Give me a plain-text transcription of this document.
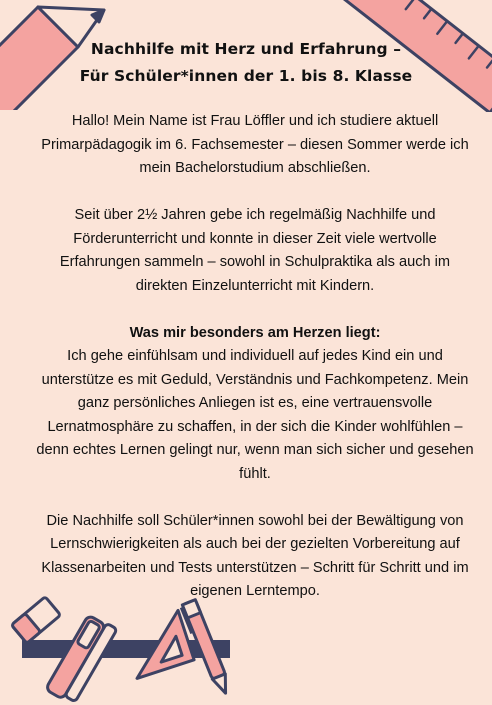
Nachhilfe mit Herz und Erfahrung –
Für Schüler*innen der 1. bis 8. Klasse

Hallo! Mein Name ist Frau Löffler und ich studiere aktuell Primarpädagogik im 6. Fachsemester – diesen Sommer werde ich mein Bachelorstudium abschließen.

Seit über 2½ Jahren gebe ich regelmäßig Nachhilfe und Förderunterricht und konnte in dieser Zeit viele wertvolle Erfahrungen sammeln – sowohl in Schulpraktika als auch im direkten Einzelunterricht mit Kindern.

Was mir besonders am Herzen liegt:
Ich gehe einfühlsam und individuell auf jedes Kind ein und unterstütze es mit Geduld, Verständnis und Fachkompetenz. Mein ganz persönliches Anliegen ist es, eine vertrauensvolle Lernatmosphäre zu schaffen, in der sich die Kinder wohlfühlen – denn echtes Lernen gelingt nur, wenn man sich sicher und gesehen fühlt.

Die Nachhilfe soll Schüler*innen sowohl bei der Bewältigung von Lernschwierigkeiten als auch bei der gezielten Vorbereitung auf Klassenarbeiten und Tests unterstützen – Schritt für Schritt und im eigenen Lerntempo.
